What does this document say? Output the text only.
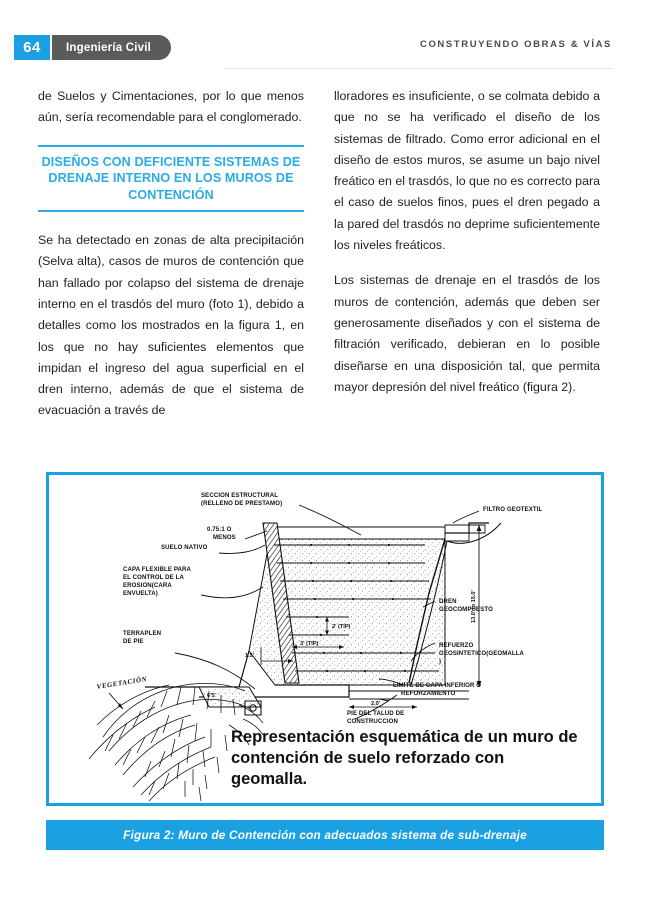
64	Ingeniería Civil	CONSTRUYENDO OBRAS & VÍAS

de Suelos y Cimentaciones, por lo que menos aún, sería recomendable para el conglomerado.

DISEÑOS CON DEFICIENTE SISTEMAS DE DRENAJE INTERNO EN LOS MUROS DE CONTENCIÓN

Se ha detectado en zonas de alta precipitación (Selva alta), casos de muros de contención que han fallado por colapso del sistema de drenaje interno en el trasdós del muro (foto 1), debido a detalles como los mostrados en la figura 1, en los que no hay suficientes elementos que impidan el ingreso del agua superficial en el dren interno, además de que el sistema de evacuación a través de

lloradores es insuficiente, o se colmata debido a que no se ha verificado el diseño de los sistemas de filtrado. Como error adicional en el diseño de estos muros, se asume un bajo nivel freático en el trasdós, lo que no es correcto para el caso de suelos finos, pues el dren pegado a la pared del trasdós no deprime suficientemente los niveles freáticos.

Los sistemas de drenaje en el trasdós de los muros de contención, además que deben ser generosamente diseñados y con el sistema de filtración verificado, debieran en lo posible diseñarse en una disposición tal, que permita mayor depresión del nivel freático (figura 2).

13.0' to 15.0'
2' (TIP)
3' (TIP)
1.5'
2.0'
6'5'
VEGETACIÓN
SECCION ESTRUCTURAL
(RELLENO DE PRESTAMO)
0.75:1 O
MENOS
SUELO NATIVO
CAPA FLEXIBLE PARA
EL CONTROL DE LA
EROSION(CARA
ENVUELTA)
TERRAPLEN
DE PIE
FILTRO GEOTEXTIL
DREN
GEOCOMPUESTO
REFUERZO
GEOSINTETICO(GEOMALLA
)
LIMITE DE CAPA INFERIOR O
REFORZAMIENTO
PIE DEL TALUD DE
CONSTRUCCION
Representación esquemática de un muro de contención de suelo reforzado con geomalla.
Figura 2: Muro de Contención con adecuados sistema de sub-drenaje
